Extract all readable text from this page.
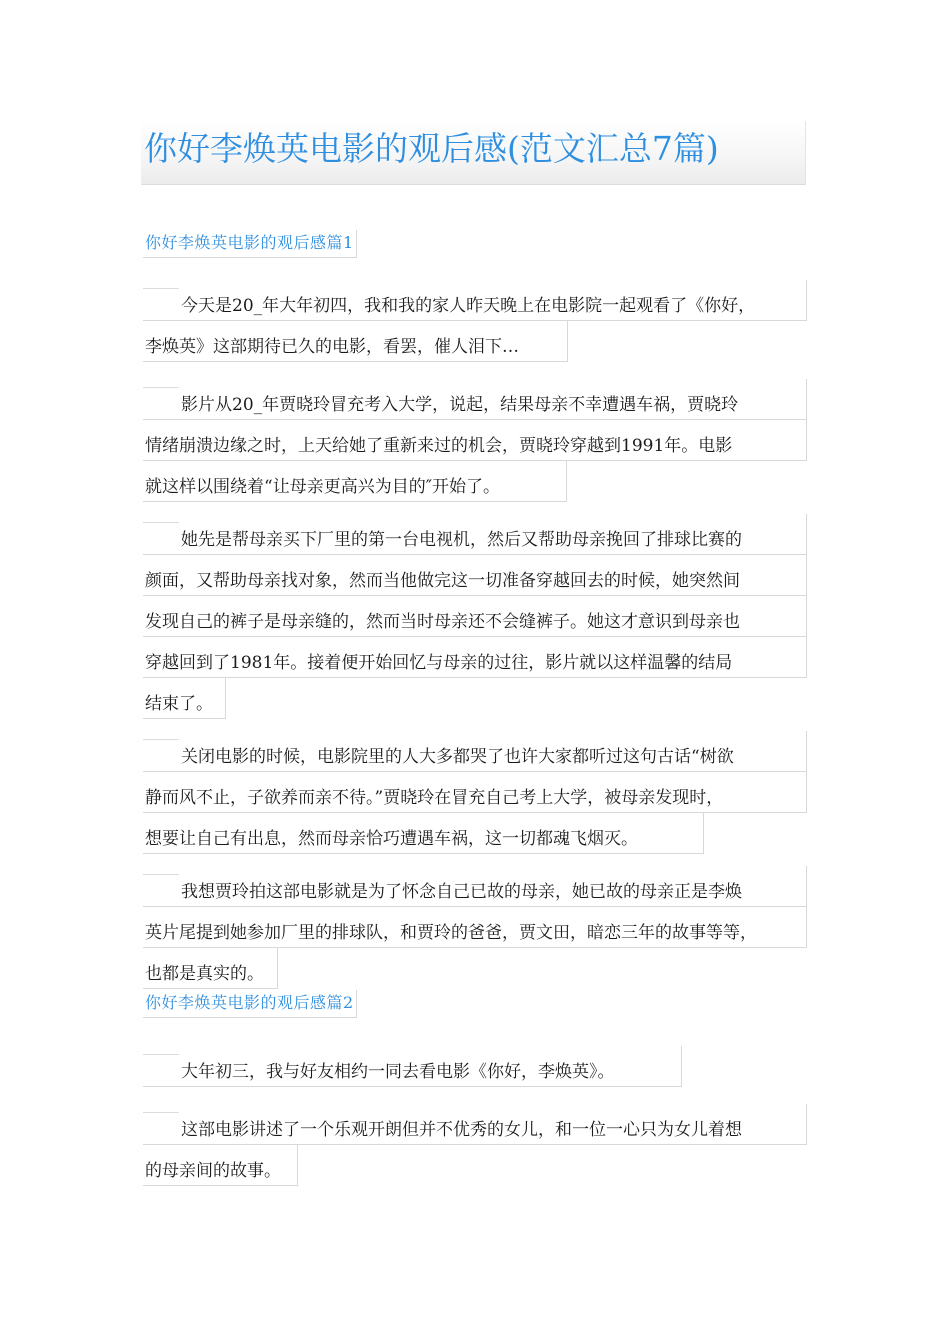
你好李焕英电影的观后感(范文汇总7篇)
你好李焕英电影的观后感篇1
你好李焕英电影的观后感篇2
今天是20_年大年初四，我和我的家人昨天晚上在电影院一起观看了《你好，
李焕英》这部期待已久的电影，看罢，催人泪下…
影片从20_年贾晓玲冒充考入大学，说起，结果母亲不幸遭遇车祸，贾晓玲
情绪崩溃边缘之时，上天给她了重新来过的机会，贾晓玲穿越到1991年。电影
就这样以围绕着“让母亲更高兴为目的″开始了。
她先是帮母亲买下厂里的第一台电视机，然后又帮助母亲挽回了排球比赛的
颜面，又帮助母亲找对象，然而当他做完这一切准备穿越回去的时候，她突然间
发现自己的裤子是母亲缝的，然而当时母亲还不会缝裤子。她这才意识到母亲也
穿越回到了1981年。接着便开始回忆与母亲的过往，影片就以这样温馨的结局
结束了。
关闭电影的时候，电影院里的人大多都哭了也许大家都听过这句古话“树欲
静而风不止，子欲养而亲不待。”贾晓玲在冒充自己考上大学，被母亲发现时，
想要让自己有出息，然而母亲恰巧遭遇车祸，这一切都魂飞烟灭。
我想贾玲拍这部电影就是为了怀念自己已故的母亲，她已故的母亲正是李焕
英片尾提到她参加厂里的排球队，和贾玲的爸爸，贾文田，暗恋三年的故事等等，
也都是真实的。
大年初三，我与好友相约一同去看电影《你好，李焕英》。
这部电影讲述了一个乐观开朗但并不优秀的女儿，和一位一心只为女儿着想
的母亲间的故事。
